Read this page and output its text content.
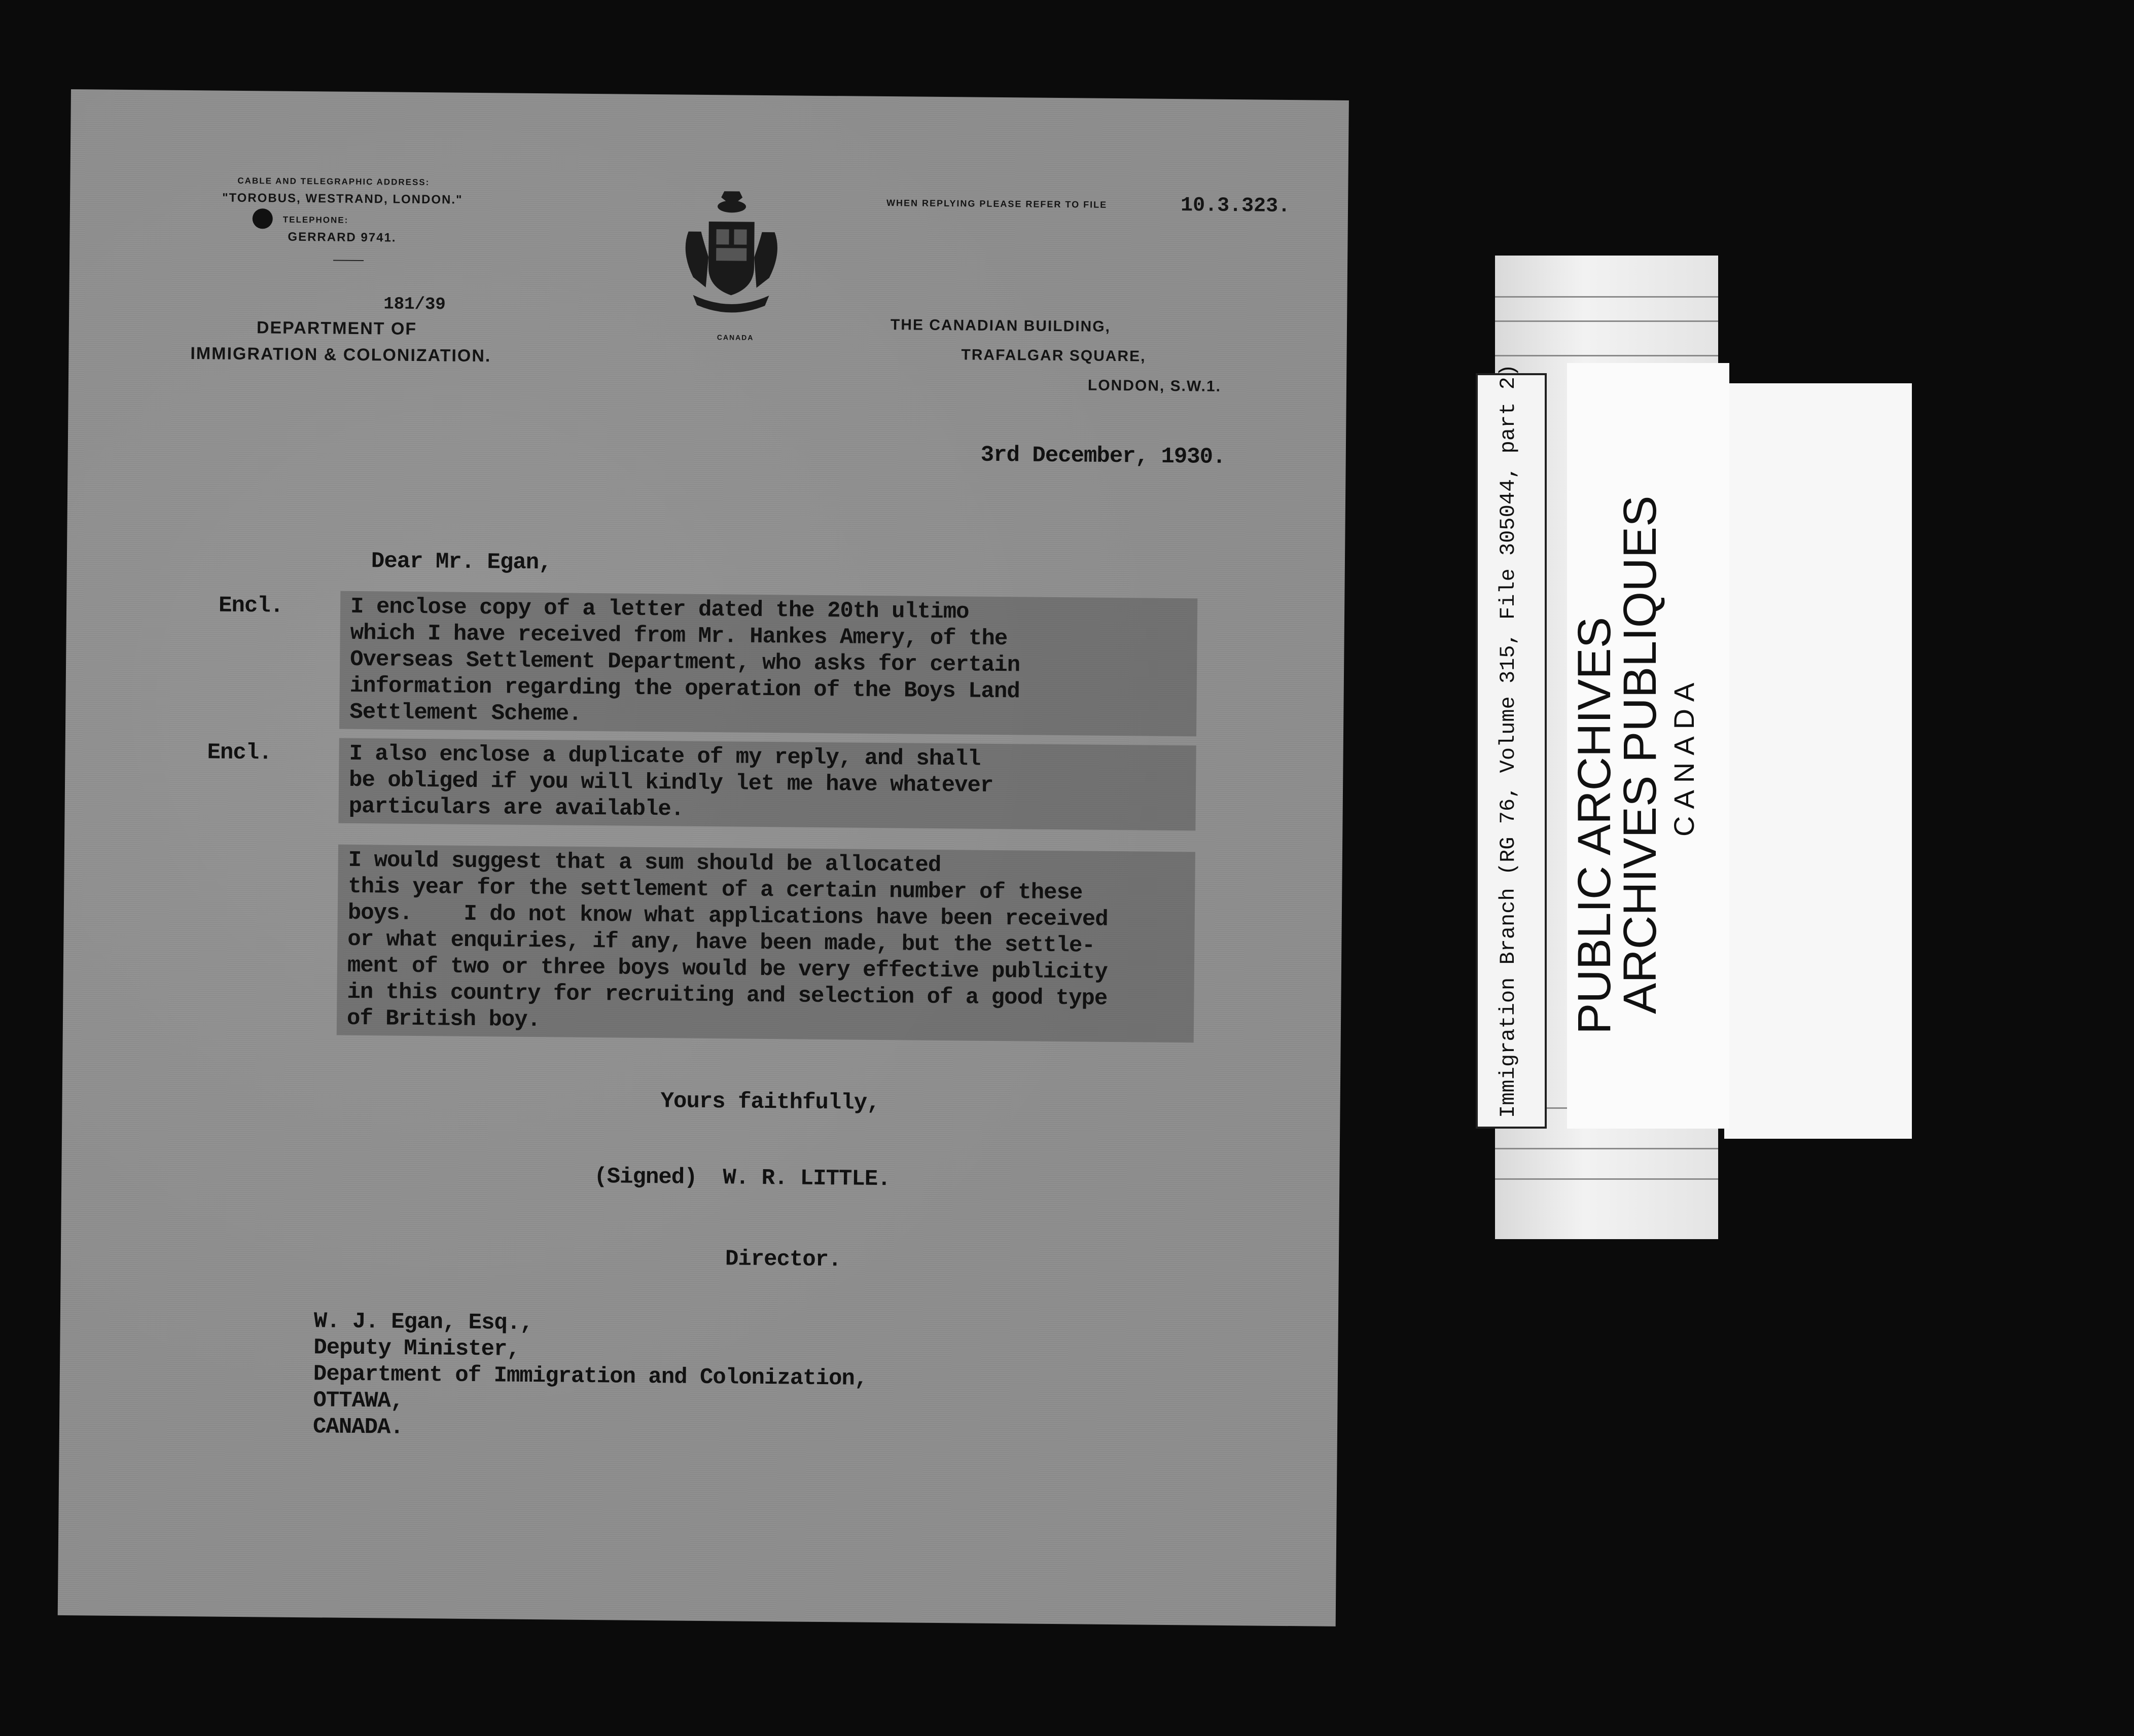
CABLE AND TELEGRAPHIC ADDRESS:
"TOROBUS, WESTRAND, LONDON."
TELEPHONE:
GERRARD 9741.
181/39
DEPARTMENT OF
IMMIGRATION & COLONIZATION.
CANADA
WHEN REPLYING PLEASE REFER TO FILE	10.3.323.
THE CANADIAN BUILDING,
TRAFALGAR SQUARE,
LONDON, S.W.1.
3rd December, 1930.
Dear Mr. Egan,
Encl.	I enclose copy of a letter dated the 20th ultimo
which I have received from Mr. Hankes Amery, of the
Overseas Settlement Department, who asks for certain
information regarding the operation of the Boys Land
Settlement Scheme.
Encl.	I also enclose a duplicate of my reply, and shall
be obliged if you will kindly let me have whatever
particulars are available.
I would suggest that a sum should be allocated
this year for the settlement of a certain number of these
boys.    I do not know what applications have been received
or what enquiries, if any, have been made, but the settle-
ment of two or three boys would be very effective publicity
in this country for recruiting and selection of a good type
of British boy.
Yours faithfully,
(Signed)  W. R. LITTLE.
Director.
W. J. Egan, Esq.,
Deputy Minister,
Department of Immigration and Colonization,
OTTAWA,
CANADA.
Immigration Branch (RG 76, Volume 315, File 305044, part 2) PUBLIC ARCHIVES
ARCHIVES PUBLIQUES CANADA
